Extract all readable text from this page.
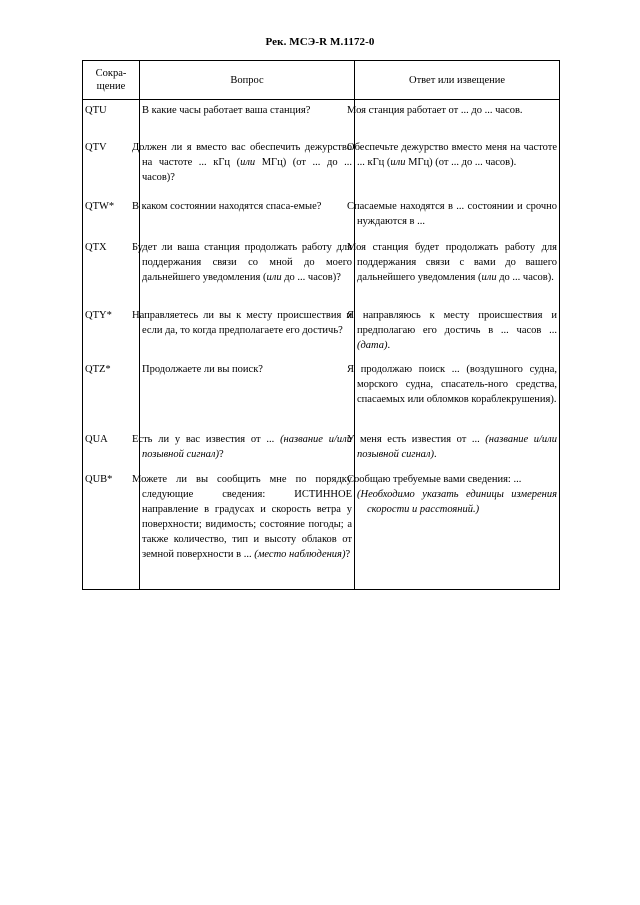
Рек. МСЭ-R M.1172-0
Сокра-
щение	Вопрос	Ответ или извещение
QTU	В какие часы работает ваша станция?	Моя станция работает от ... до ... часов.
QTV	Должен ли я вместо вас обеспечить дежурство на частоте ... кГц (или МГц) (от ... до ... часов)?	Обеспечьте дежурство вместо меня на частоте ... кГц (или МГц) (от ... до ... часов).
QTW*	В каком состоянии находятся спаса-емые?	Спасаемые находятся в ... состоянии и срочно нуждаются в ...
QTX	Будет ли ваша станция продолжать работу для поддержания связи со мной до моего дальнейшего уведомления (или до ... часов)?	Моя станция будет продолжать работу для поддержания связи с вами до вашего дальнейшего уведомления (или до ... часов).
QTY*	Направляетесь ли вы к месту происшествия и если да, то когда предполагаете его достичь?	Я направляюсь к месту происшествия и предполагаю его достичь в ... часов ... (дата).
QTZ*	Продолжаете ли вы поиск?	Я продолжаю поиск ... (воздушного судна, морского судна, спасатель-ного средства, спасаемых или обломков кораблекрушения).
QUA	Есть ли у вас известия от ... (название и/или позывной сигнал)?	У меня есть известия от ... (название и/или позывной сигнал).
QUB*	Можете ли вы сообщить мне по порядку следующие сведения: ИСТИННОЕ направление в градусах и скорость ветра у поверхности; видимость; состояние погоды; а также количество, тип и высоту облаков от земной поверхности в ... (место наблюдения)?	Сообщаю требуемые вами сведения: ...
(Необходимо указать единицы измерения скорости и расстояний.)
